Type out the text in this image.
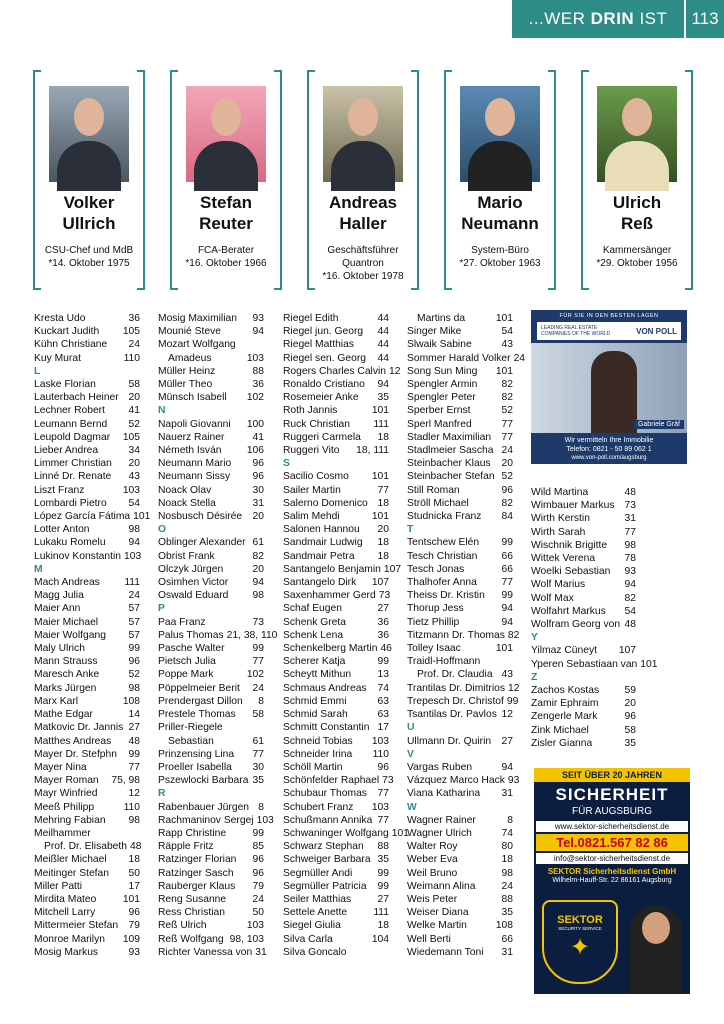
...WER DRIN IST	113
Volker
Ullrich
CSU-Chef und MdB
*14. Oktober 1975
Stefan
Reuter
FCA-Berater
*16. Oktober 1966
Andreas
Haller
Geschäftsführer Quantron
*16. Oktober 1978
Mario
Neumann
System-Büro
*27. Oktober 1963
Ulrich
Reß
Kammersänger
*29. Oktober 1956
Kresta Udo	36
Kuckart Judith 105
Kühn Christiane 24
Kuy Murat	110
L
Laske Florian	58
Lauterbach Heiner 20
Lechner Robert 41
Leumann Bernd 52
Leupold Dagmar 105
Lieber Andrea	34
Limmer Christian 20
Linné Dr. Renate 43
Liszt Franz	103
Lombardi Pietro 54
López García Fátima 101
Lotter Anton	98
Lukaku Romelu 94
Lukinov Konstantin 103
M
Mach Andreas 111
Magg Julia	24
Maier Ann	57
Maier Michael	57
Maier Wolfgang 57
Maly Ulrich	99
Mann Strauss	96
Maresch Anke	52
Marks Jürgen	98
Marx Karl	108
Mathe Edgar	14
Matkovic Dr. Jannis 27
Matthes Andreas 48
Mayer Dr. Stefphn 99
Mayer Nina	77
Mayer Roman 75, 98
Mayr Winfried	12
Meeß Philipp	110
Mehring Fabian 98
Meilhammer
Prof. Dr. Elisabeth 48
Meißler Michael 18
Meitinger Stefan 50
Miller Patti	17
Mirdita Mateo	101
Mitchell Larry	96
Mittermeier Stefan 79
Monroe Marilyn 109
Mosig Markus	93
Mosig Maximilian 93
Mounié Steve	94
Mozart Wolfgang
Amadeus	103
Müller Heinz	88
Müller Theo	36
Münsch Isabell 102
N
Napoli Giovanni 100
Nauerz Rainer	41
Németh Isván 106
Neumann Mario 96
Neumann Sissy 96
Noack Olav	30
Noack Stella	31
Nosbusch Désirée 20
O
Oblinger Alexander 61
Obrist Frank	82
Olczyk Jürgen	20
Osimhen Victor 94
Oswald Eduard 98
P
Paa Franz	73
Palus Thomas 21, 38, 110
Pasche Walter	99
Pietsch Julia	77
Poppe Mark	102
Pöppelmeier Berit 24
Prendergast Dillon 8
Prestele Thomas 58
Priller-Riegele
Sebastian	61
Prinzensing Lina 77
Proeller Isabella 30
Pszewlocki Barbara 35
R
Rabenbauer Jürgen 8
Rachmaninov Sergej 103
Rapp Christine	99
Räpple Fritz	85
Ratzinger Florian 96
Ratzinger Sasch 96
Rauberger Klaus 79
Reng Susanne	24
Ress Christian	50
Reß Ulrich	103
Reß Wolfgang 98, 103
Richter Vanessa von 31
Riegel Edith	44
Riegel jun. Georg 44
Riegel Matthias 44
Riegel sen. Georg 44
Rogers Charles Calvin 12
Ronaldo Cristiano 94
Rosemeier Anke 35
Roth Jannis	101
Ruck Christian 111
Ruggeri Carmela 18
Ruggeri Vito 18, 111
S
Sacilio Cosmo 101
Sailer Martin	77
Salerno Domenico 18
Salim Mehdi	101
Salonen Hannou 20
Sandmair Ludwig 18
Sandmair Petra 18
Santangelo Benjamin 107
Santangelo Dirk 107
Saxenhammer Gerd 73
Schaf Eugen	27
Schenk Greta	36
Schenk Lena	36
Schenkelberg Martin 46
Scherer Katja	99
Scheytt Mithun	13
Schmaus Andreas 74
Schmid Emmi	63
Schmid Sarah	63
Schmitt Constantin 17
Schneid Tobias 103
Schneider Irina 110
Schöll Martin	96
Schönfelder Raphael 73
Schubaur Thomas 77
Schubert Franz 103
Schußmann Annika 77
Schwaninger Wolfgang 101
Schwarz Stephan 88
Schweiger Barbara 35
Segmüller Andi 99
Segmüller Patricia 99
Seiler Matthias	27
Settele Anette	111
Siegel Giulia	18
Silva Carla	104
Silva Goncalo
Martins da	101
Singer Mike	54
Slwaik Sabine	43
Sommer Harald Volker 24
Song Sun Ming 101
Spengler Armin 82
Spengler Peter	82
Sperber Ernst	52
Sperl Manfred	77
Stadler Maximilian 77
Stadlmeier Sascha 24
Steinbacher Klaus 20
Steinbacher Stefan 52
Still Roman	96
Ströll Michael	82
Studnicka Franz 84
T
Tentschew Elén 99
Tesch Christian 66
Tesch Jonas	66
Thalhofer Anna 77
Theiss Dr. Kristin 99
Thorup Jess	94
Tietz Phillip	94
Titzmann Dr. Thomas 82
Tolley Isaac	101
Traidl-Hoffmann
Prof. Dr. Claudia 43
Trantilas Dr. Dimitrios 12
Trepesch Dr. Christof 99
Tsantilas Dr. Pavlos 12
U
Ullmann Dr. Quirin 27
V
Vargas Ruben	94
Vázquez Marco Hack 93
Viana Katharina 31
W
Wagner Rainer	8
Wagner Ulrich	74
Walter Roy	80
Weber Eva	18
Weil Bruno	98
Weimann Alina	24
Weis Peter	88
Weiser Diana	35
Welke Martin	108
Well Berti	66
Wiedemann Toni 31
Wild Martina	48
Wimbauer Markus 73
Wirth Kerstin	31
Wirth Sarah	77
Wischnik Brigitte 98
Wittek Verena	78
Woelki Sebastian 93
Wolf Marius	94
Wolf Max	82
Wolfahrt Markus 54
Wolfram Georg von 48
Y
Yilmaz Cüneyt 107
Yperen Sebastiaan van 101
Z
Zachos Kostas 59
Zamir Ephraim	20
Zengerle Mark	96
Zink Michael	58
Zisler Gianna	35
FÜR SIE IN DEN BESTEN LAGEN
LEADING REAL ESTATE COMPANIES OF THE WORLD	VON POLL
Gabriele Gräf
Wir vermitteln Ihre Immobilie
Telefon: 0821 - 50 89 062 1
www.von-poll.com/augsburg
SEIT ÜBER 20 JAHREN
SICHERHEIT
FÜR AUGSBURG
www.sektor-sicherheitsdienst.de
Tel.0821.567 82 86
info@sektor-sicherheitsdienst.de
SEKTOR Sicherheitsdienst GmbH
Wilhelm-Hauff-Str. 22 86161 Augsburg
SEKTOR
SECURITY SERVICE
✦
